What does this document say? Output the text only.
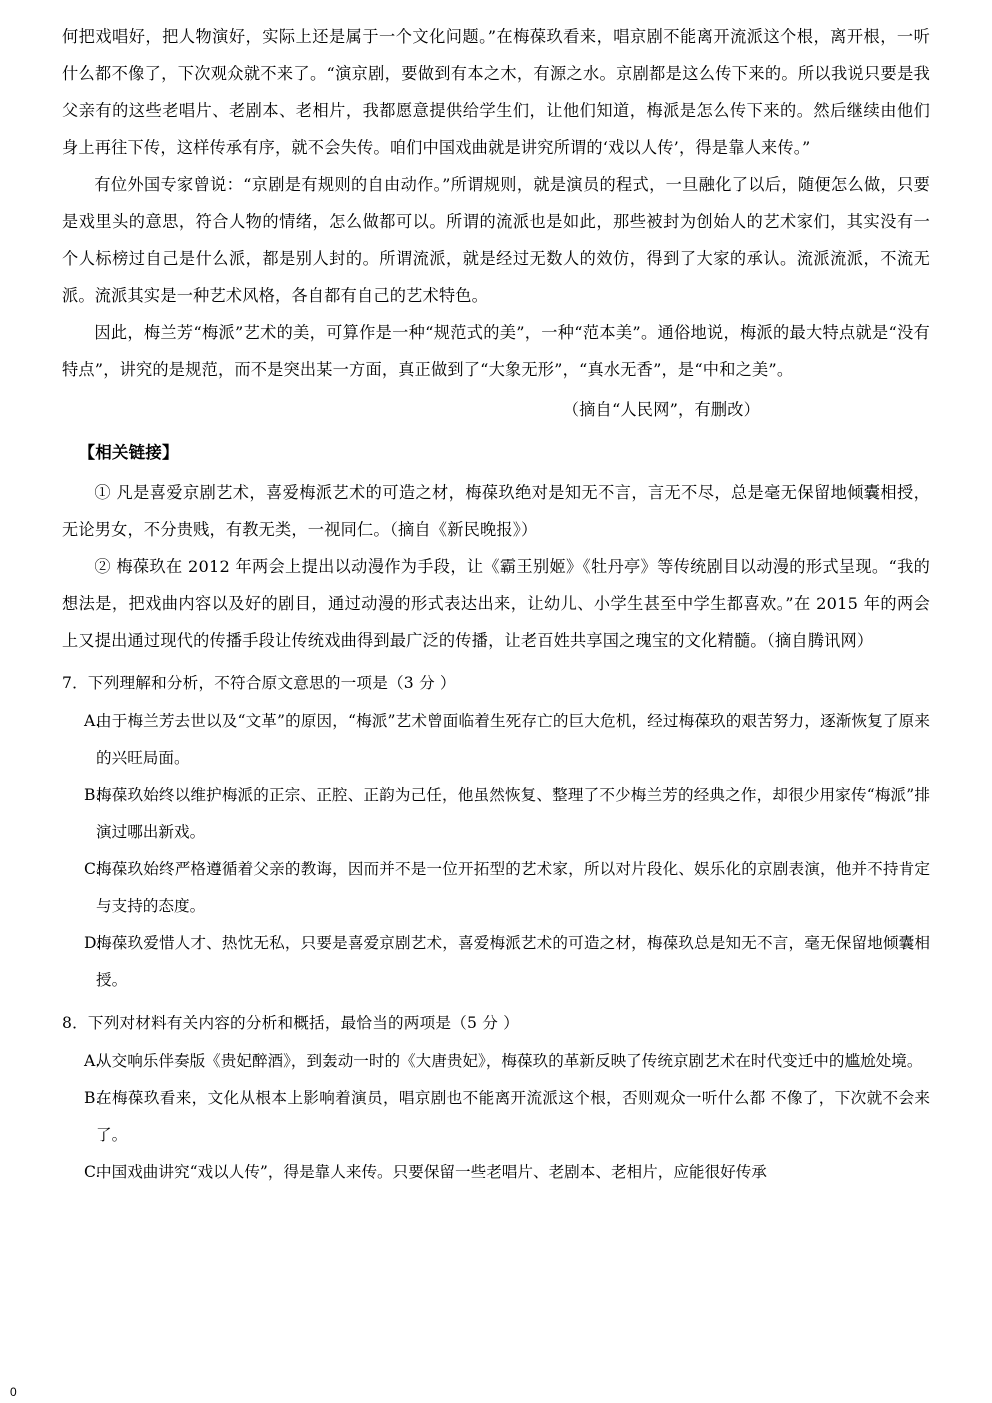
何把戏唱好，把人物演好，实际上还是属于一个文化问题。”在梅葆玖看来，唱京剧不能离开流派这个根，离开根，一听什么都不像了，下次观众就不来了。“演京剧，要做到有本之木，有源之水。京剧都是这么传下来的。所以我说只要是我父亲有的这些老唱片、老剧本、老相片，我都愿意提供给学生们，让他们知道，梅派是怎么传下来的。然后继续由他们身上再往下传，这样传承有序，就不会失传。咱们中国戏曲就是讲究所谓的‘戏以人传’，得是靠人来传。”

有位外国专家曾说：“京剧是有规则的自由动作。”所谓规则，就是演员的程式，一旦融化了以后，随便怎么做，只要是戏里头的意思，符合人物的情绪，怎么做都可以。所谓的流派也是如此，那些被封为创始人的艺术家们，其实没有一个人标榜过自己是什么派，都是别人封的。所谓流派，就是经过无数人的效仿，得到了大家的承认。流派流派，不流无派。流派其实是一种艺术风格，各自都有自己的艺术特色。

因此，梅兰芳“梅派”艺术的美，可算作是一种“规范式的美”，一种“范本美”。通俗地说，梅派的最大特点就是“没有特点”，讲究的是规范，而不是突出某一方面，真正做到了“大象无形”，“真水无香”，是“中和之美”。

（摘自“人民网”，有删改）

【相关链接】

① 凡是喜爱京剧艺术，喜爱梅派艺术的可造之材，梅葆玖绝对是知无不言，言无不尽，总是毫无保留地倾囊相授，无论男女，不分贵贱，有教无类，一视同仁。（摘自《新民晚报》）

② 梅葆玖在 2012 年两会上提出以动漫作为手段，让《霸王别姬》《牡丹亭》等传统剧目以动漫的形式呈现。“我的想法是，把戏曲内容以及好的剧目，通过动漫的形式表达出来，让幼儿、小学生甚至中学生都喜欢。”在 2015 年的两会上又提出通过现代的传播手段让传统戏曲得到最广泛的传播，让老百姓共享国之瑰宝的文化精髓。（摘自腾讯网）

7．下列理解和分析，不符合原文意思的一项是（3 分 ）

A.
由于梅兰芳去世以及“文革”的原因，“梅派”艺术曾面临着生死存亡的巨大危机，经过梅葆玖的艰苦努力，逐渐恢复了原来的兴旺局面。
B.
梅葆玖始终以维护梅派的正宗、正腔、正韵为己任，他虽然恢复、整理了不少梅兰芳的经典之作，却很少用家传“梅派”排演过哪出新戏。
C.
梅葆玖始终严格遵循着父亲的教诲，因而并不是一位开拓型的艺术家，所以对片段化、娱乐化的京剧表演，他并不持肯定与支持的态度。
D.
梅葆玖爱惜人才、热忱无私，只要是喜爱京剧艺术，喜爱梅派艺术的可造之材，梅葆玖总是知无不言，毫无保留地倾囊相授。

8．下列对材料有关内容的分析和概括，最恰当的两项是（5 分 ）

A.
从交响乐伴奏版《贵妃醉酒》，到轰动一时的《大唐贵妃》，梅葆玖的革新反映了传统京剧艺术在时代变迁中的尴尬处境。
B.
在梅葆玖看来，文化从根本上影响着演员，唱京剧也不能离开流派这个根，否则观众一听什么都 不像了，下次就不会来了。
C.
中国戏曲讲究“戏以人传”，得是靠人来传。只要保留一些老唱片、老剧本、老相片，应能很好传承
0
